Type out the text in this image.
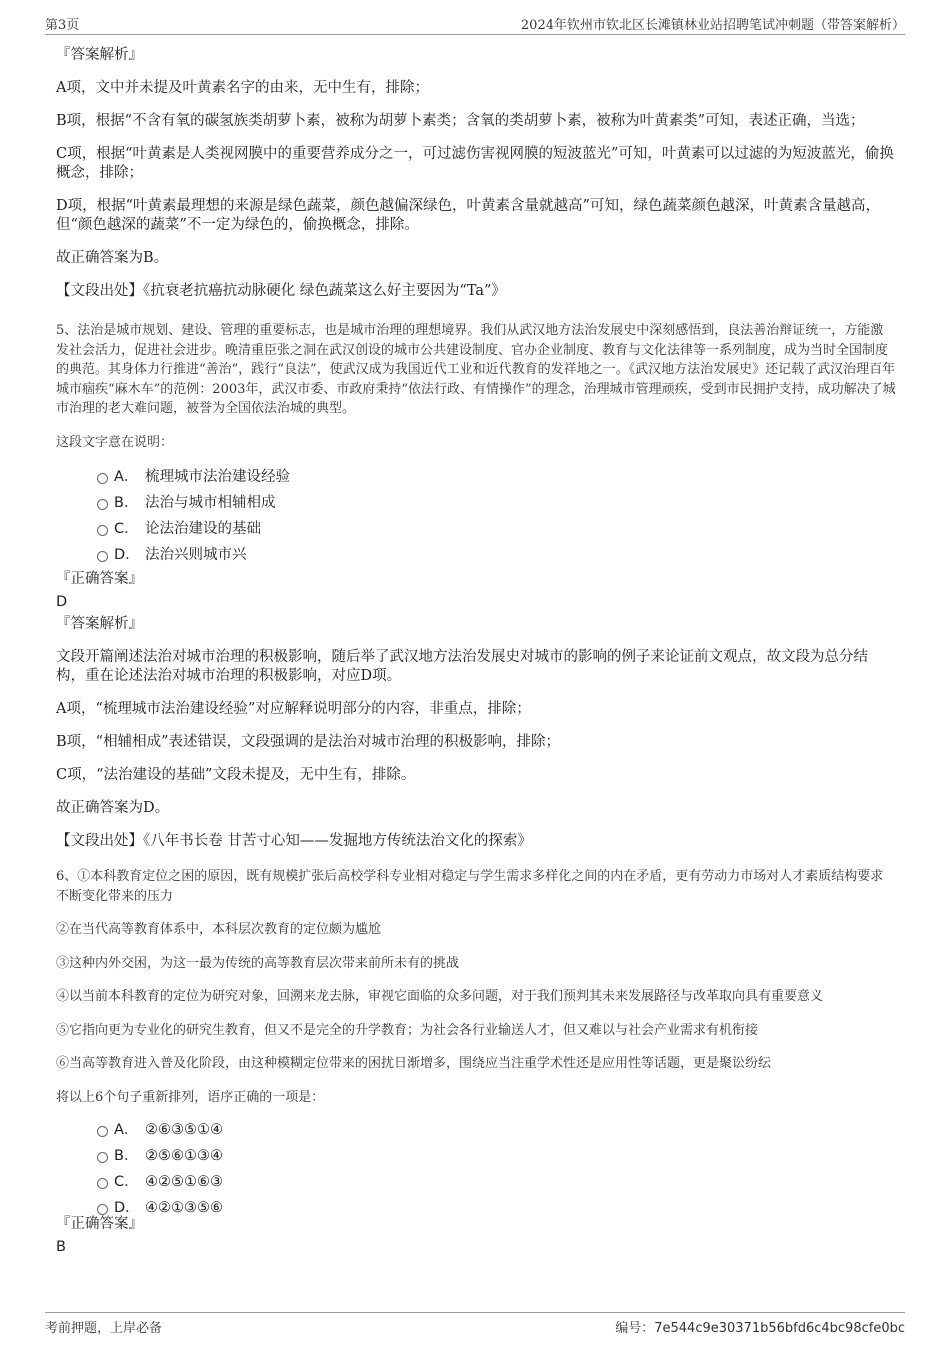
第3页	2024年钦州市钦北区长滩镇林业站招聘笔试冲刺题（带答案解析）

『答案解析』

A项，文中并未提及叶黄素名字的由来，无中生有，排除；

B项，根据“不含有氧的碳氢族类胡萝卜素，被称为胡萝卜素类；含氧的类胡萝卜素，被称为叶黄素类”可知，表述正确，当选；

C项，根据“叶黄素是人类视网膜中的重要营养成分之一，可过滤伤害视网膜的短波蓝光”可知，叶黄素可以过滤的为短波蓝光，偷换概念，排除；

D项，根据“叶黄素最理想的来源是绿色蔬菜，颜色越偏深绿色，叶黄素含量就越高”可知，绿色蔬菜颜色越深，叶黄素含量越高，但“颜色越深的蔬菜”不一定为绿色的，偷换概念，排除。

故正确答案为B。

【文段出处】《抗衰老抗癌抗动脉硬化 绿色蔬菜这么好主要因为“Ta”》

5、法治是城市规划、建设、管理的重要标志，也是城市治理的理想境界。我们从武汉地方法治发展史中深刻感悟到，良法善治辩证统一，方能激发社会活力，促进社会进步。晚清重臣张之洞在武汉创设的城市公共建设制度、官办企业制度、教育与文化法律等一系列制度，成为当时全国制度的典范。其身体力行推进“善治”，践行“良法”，使武汉成为我国近代工业和近代教育的发祥地之一。《武汉地方法治发展史》还记载了武汉治理百年城市痼疾“麻木车”的范例：2003年，武汉市委、市政府秉持“依法行政、有情操作”的理念，治理城市管理顽疾，受到市民拥护支持，成功解决了城市治理的老大难问题，被誉为全国依法治城的典型。

这段文字意在说明：

A． 梳理城市法治建设经验
B． 法治与城市相辅相成
C． 论法治建设的基础
D． 法治兴则城市兴

『正确答案』

D

『答案解析』

文段开篇阐述法治对城市治理的积极影响，随后举了武汉地方法治发展史对城市的影响的例子来论证前文观点，故文段为总分结构，重在论述法治对城市治理的积极影响，对应D项。

A项，“梳理城市法治建设经验”对应解释说明部分的内容，非重点，排除；

B项，“相辅相成”表述错误，文段强调的是法治对城市治理的积极影响，排除；

C项，“法治建设的基础”文段未提及，无中生有，排除。

故正确答案为D。

【文段出处】《八年书长卷 甘苦寸心知——发掘地方传统法治文化的探索》

6、①本科教育定位之困的原因，既有规模扩张后高校学科专业相对稳定与学生需求多样化之间的内在矛盾，更有劳动力市场对人才素质结构要求不断变化带来的压力

②在当代高等教育体系中，本科层次教育的定位颇为尴尬

③这种内外交困，为这一最为传统的高等教育层次带来前所未有的挑战

④以当前本科教育的定位为研究对象，回溯来龙去脉，审视它面临的众多问题，对于我们预判其未来发展路径与改革取向具有重要意义

⑤它指向更为专业化的研究生教育，但又不是完全的升学教育；为社会各行业输送人才，但又难以与社会产业需求有机衔接

⑥当高等教育进入普及化阶段，由这种模糊定位带来的困扰日渐增多，围绕应当注重学术性还是应用性等话题，更是聚讼纷纭

将以上6个句子重新排列，语序正确的一项是：

A． ②⑥③⑤①④
B． ②⑤⑥①③④
C． ④②⑤①⑥③
D． ④②①③⑤⑥

『正确答案』

B

考前押题，上岸必备	编号：7e544c9e30371b56bfd6c4bc98cfe0bc
